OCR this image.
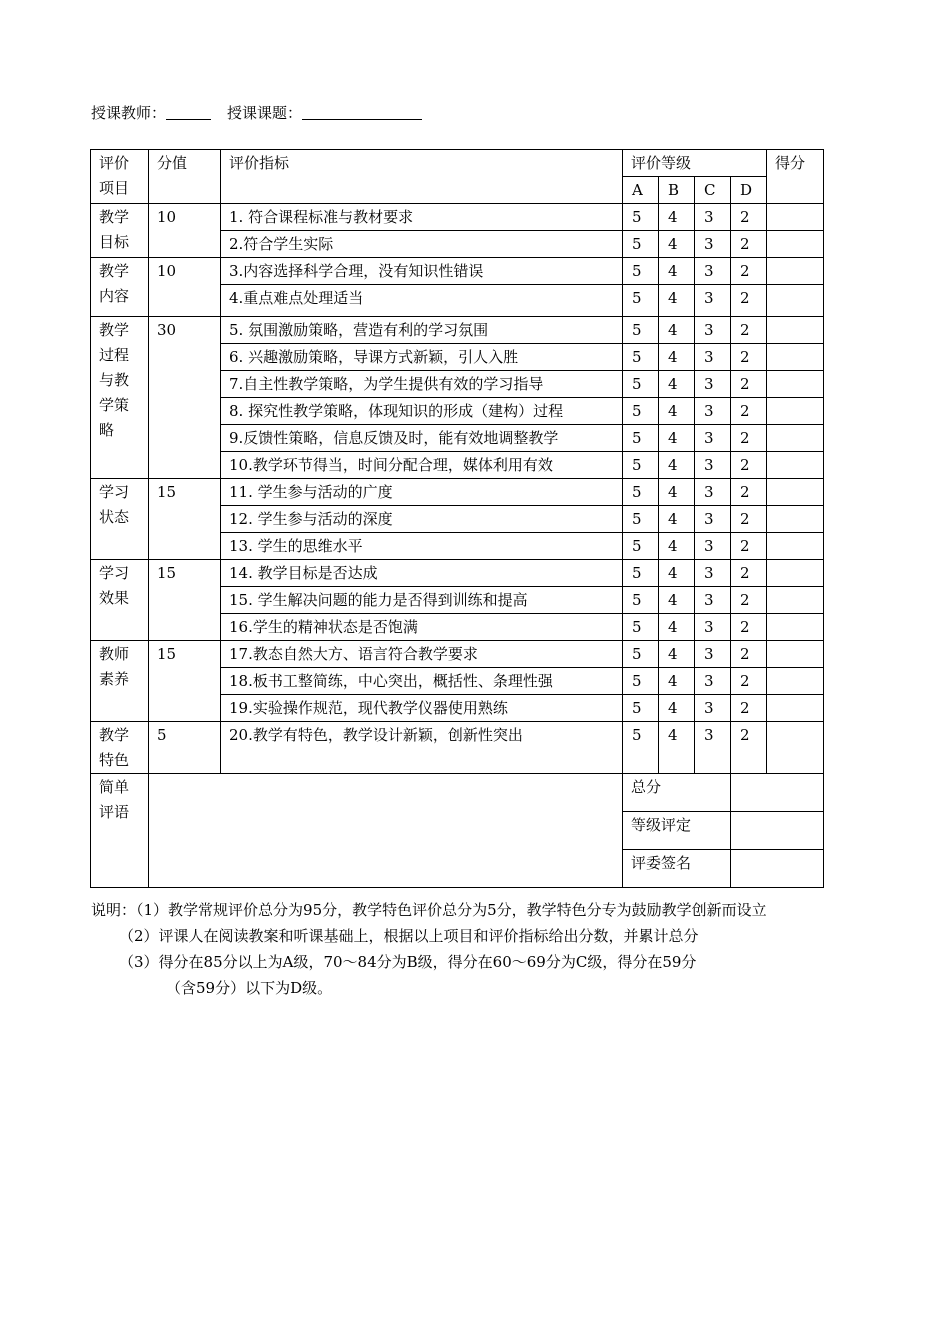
授课教师：	授课课题：
评价项目	分值	评价指标	评价等级				得分
			A	B	C	D	
教学目标	10	1. 符合课程标准与教材要求	5	4	3	2	
		2.符合学生实际	5	4	3	2	
教学内容	10	3.内容选择科学合理，没有知识性错误	5	4	3	2	
		4.重点难点处理适当	5	4	3	2	
教学过程与教学策略	30	5. 氛围激励策略，营造有利的学习氛围	5	4	3	2	
		6. 兴趣激励策略，导课方式新颖，引人入胜	5	4	3	2	
		7.自主性教学策略，为学生提供有效的学习指导	5	4	3	2	
		8. 探究性教学策略，体现知识的形成（建构）过程	5	4	3	2	
		9.反馈性策略，信息反馈及时，能有效地调整教学	5	4	3	2	
		10.教学环节得当，时间分配合理，媒体利用有效	5	4	3	2	
学习状态	15	11. 学生参与活动的广度	5	4	3	2	
		12. 学生参与活动的深度	5	4	3	2	
		13. 学生的思维水平	5	4	3	2	
学习效果	15	14. 教学目标是否达成	5	4	3	2	
		15. 学生解决问题的能力是否得到训练和提高	5	4	3	2	
		16.学生的精神状态是否饱满	5	4	3	2	
教师素养	15	17.教态自然大方、语言符合教学要求	5	4	3	2	
		18.板书工整简练，中心突出，概括性、条理性强	5	4	3	2	
		19.实验操作规范，现代教学仪器使用熟练	5	4	3	2	
教学特色	5	20.教学有特色，教学设计新颖，创新性突出	5	4	3	2	
简单评语			总分				
			等级评定				
			评委签名				
说明：（1）教学常规评价总分为95分，教学特色评价总分为5分，教学特色分专为鼓励教学创新而设立
（2）评课人在阅读教案和听课基础上，根据以上项目和评价指标给出分数，并累计总分
（3）得分在85分以上为A级，70～84分为B级，得分在60～69分为C级，得分在59分
（含59分）以下为D级。
